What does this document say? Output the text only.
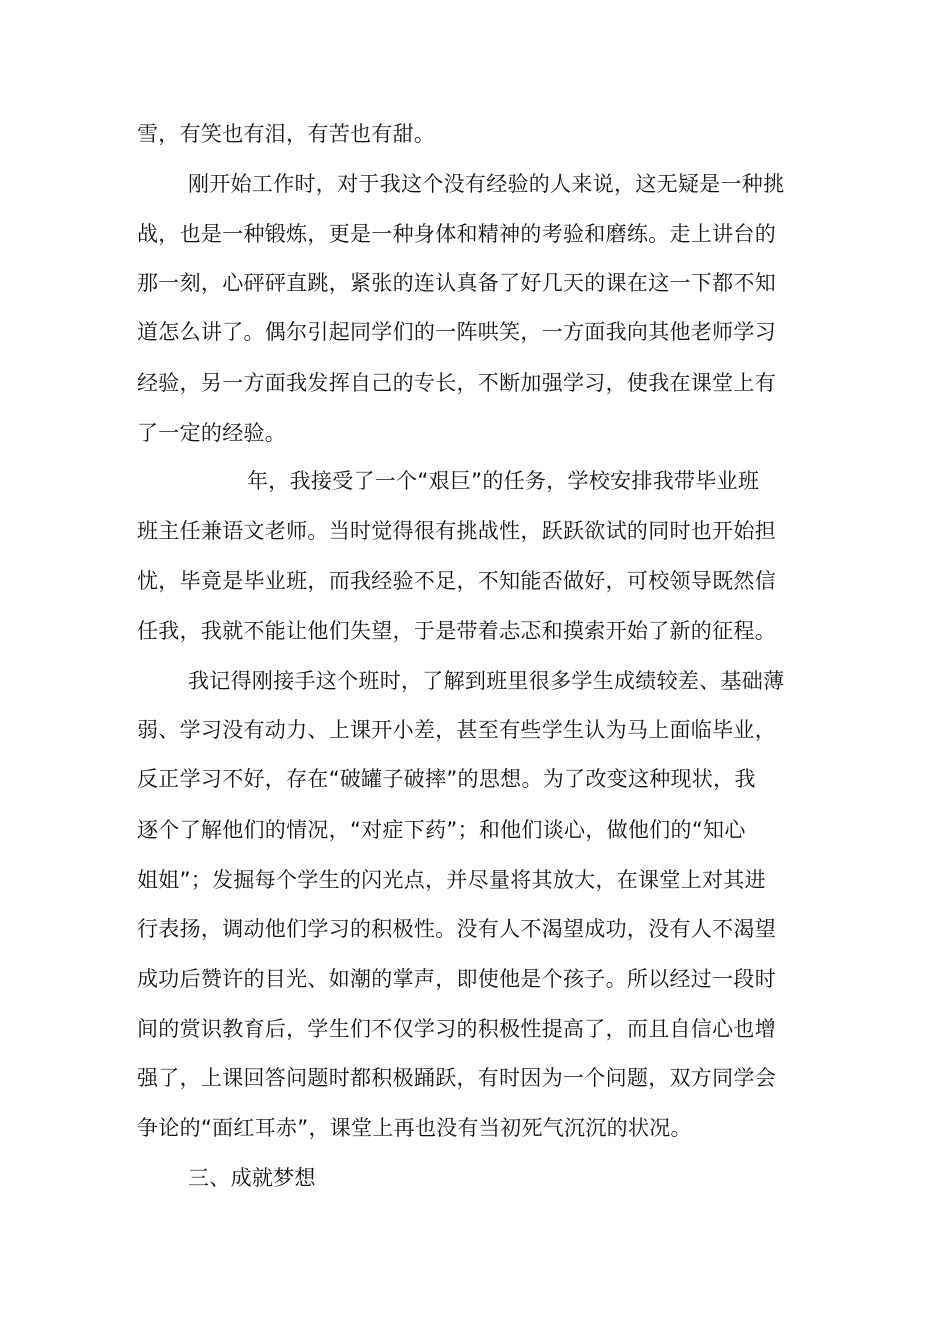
雪，有笑也有泪，有苦也有甜。
刚开始工作时，对于我这个没有经验的人来说，这无疑是一种挑
战，也是一种锻炼，更是一种身体和精神的考验和磨练。走上讲台的
那一刻，心砰砰直跳，紧张的连认真备了好几天的课在这一下都不知
道怎么讲了。偶尔引起同学们的一阵哄笑，一方面我向其他老师学习
经验，另一方面我发挥自己的专长，不断加强学习，使我在课堂上有
了一定的经验。
年，我接受了一个“艰巨”的任务，学校安排我带毕业班
班主任兼语文老师。当时觉得很有挑战性，跃跃欲试的同时也开始担
忧，毕竟是毕业班，而我经验不足，不知能否做好，可校领导既然信
任我，我就不能让他们失望，于是带着忐忑和摸索开始了新的征程。
我记得刚接手这个班时，了解到班里很多学生成绩较差、基础薄
弱、学习没有动力、上课开小差，甚至有些学生认为马上面临毕业，
反正学习不好，存在“破罐子破摔”的思想。为了改变这种现状，我
逐个了解他们的情况，“对症下药”；和他们谈心，做他们的“知心
姐姐”；发掘每个学生的闪光点，并尽量将其放大，在课堂上对其进
行表扬，调动他们学习的积极性。没有人不渴望成功，没有人不渴望
成功后赞许的目光、如潮的掌声，即使他是个孩子。所以经过一段时
间的赏识教育后，学生们不仅学习的积极性提高了，而且自信心也增
强了，上课回答问题时都积极踊跃，有时因为一个问题，双方同学会
争论的“面红耳赤”，课堂上再也没有当初死气沉沉的状况。
三、成就梦想
